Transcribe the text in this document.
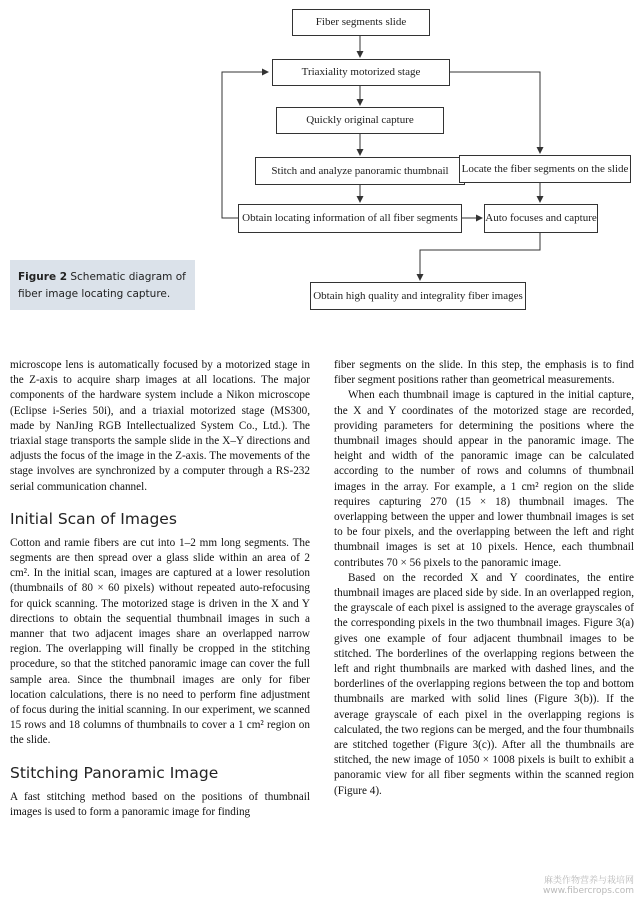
Fiber segments slide
Triaxiality motorized stage
Quickly original capture
Stitch and analyze panoramic thumbnail	Locate the fiber segments on the slide
Obtain locating information of all fiber segments	Auto focuses and capture
Obtain high quality and integrality fiber images
Figure 2 Schematic diagram of fiber image locating capture.

microscope lens is automatically focused by a motorized stage in the Z-axis to acquire sharp images at all locations. The major components of the hardware system include a Nikon microscope (Eclipse i-Series 50i), and a triaxial motorized stage (MS300, made by NanJing RGB Intellectualized System Co., Ltd.). The triaxial stage transports the sample slide in the X–Y directions and adjusts the focus of the image in the Z-axis. The movements of the stage involves are synchronized by a computer through a RS-232 serial communication channel.

Initial Scan of Images

Cotton and ramie fibers are cut into 1–2 mm long segments. The segments are then spread over a glass slide within an area of 2 cm². In the initial scan, images are captured at a lower resolution (thumbnails of 80 × 60 pixels) without repeated auto-refocusing for quick scanning. The motorized stage is driven in the X and Y directions to obtain the sequential thumbnail images in such a manner that two adjacent images share an overlapped narrow region. The overlapping will finally be cropped in the stitching procedure, so that the stitched panoramic image can cover the full sample area. Since the thumbnail images are only for fiber location calculations, there is no need to perform fine adjustment of focus during the initial scanning. In our experiment, we scanned 15 rows and 18 columns of thumbnails to cover a 1 cm² region on the slide.

Stitching Panoramic Image

A fast stitching method based on the positions of thumbnail images is used to form a panoramic image for finding

fiber segments on the slide. In this step, the emphasis is to find fiber segment positions rather than geometrical measurements.

When each thumbnail image is captured in the initial capture, the X and Y coordinates of the motorized stage are recorded, providing parameters for determining the positions where the thumbnail images should appear in the panoramic image. The height and width of the panoramic image can be calculated according to the number of rows and columns of thumbnail images in the array. For example, a 1 cm² region on the slide requires capturing 270 (15 × 18) thumbnail images. The overlapping between the upper and lower thumbnail images is set to be four pixels, and the overlapping between the left and right thumbnail images is set at 10 pixels. Hence, each thumbnail contributes 70 × 56 pixels to the panoramic image.

Based on the recorded X and Y coordinates, the entire thumbnail images are placed side by side. In an overlapped region, the grayscale of each pixel is assigned to the average grayscales of the corresponding pixels in the two thumbnail images. Figure 3(a) gives one example of four adjacent thumbnail images to be stitched. The borderlines of the overlapping regions between the left and right thumbnails are marked with dashed lines, and the borderlines of the overlapping regions between the top and bottom thumbnails are marked with solid lines (Figure 3(b)). If the average grayscale of each pixel in the overlapping regions is calculated, the two regions can be merged, and the four thumbnails are stitched together (Figure 3(c)). After all the thumbnails are stitched, the new image of 1050 × 1008 pixels is built to exhibit a panoramic view for all fiber segments within the scanned region (Figure 4).

麻类作物营养与栽培网
www.fibercrops.com
